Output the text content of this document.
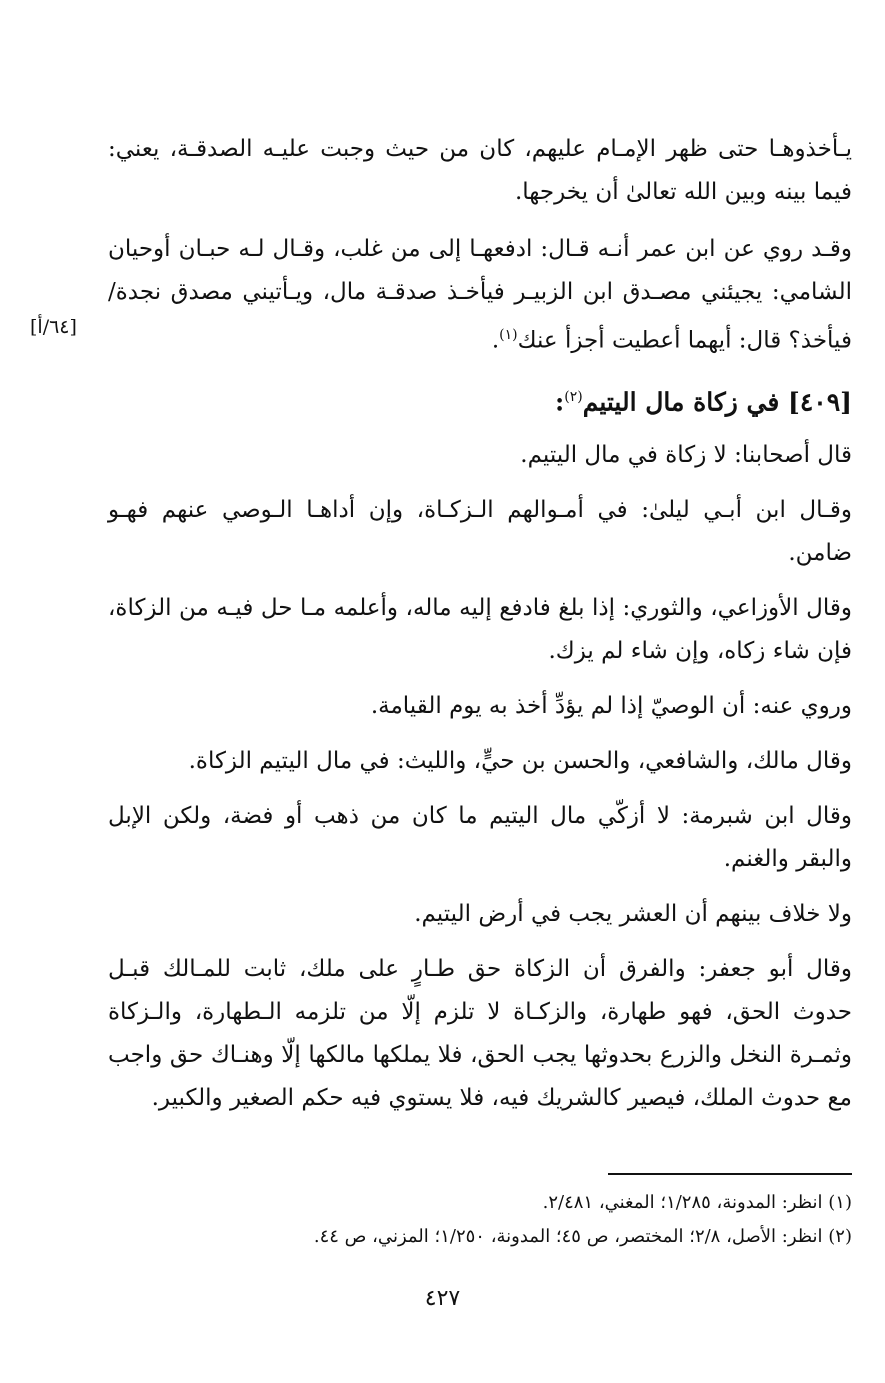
يـأخذوهـا حتى ظهر الإمـام عليهم، كان من حيث وجبت عليـه الصدقـة، يعني: فيما بينه وبين الله تعالىٰ أن يخرجها.

وقـد روي عن ابن عمر أنـه قـال: ادفعهـا إلى من غلب، وقـال لـه حبـان أوحيان الشامي: يجيئني مصـدق ابن الزبيـر فيأخـذ صدقـة مال، ويـأتيني مصدق نجدة/ فيأخذ؟ قال: أيهما أعطيت أجزأ عنك$^{(١)}$.

[٤٠٩] في زكاة مال اليتيم$^{(٢)}$:

قال أصحابنا: لا زكاة في مال اليتيم.

وقـال ابن أبـي ليلىٰ: في أمـوالهم الـزكـاة، وإن أداهـا الـوصي عنهم فهـو ضامن.

وقال الأوزاعي، والثوري: إذا بلغ فادفع إليه ماله، وأعلمه مـا حل فيـه من الزكاة، فإن شاء زكاه، وإن شاء لم يزك.

وروي عنه: أن الوصيّ إذا لم يؤدِّ أخذ به يوم القيامة.

وقال مالك، والشافعي، والحسن بن حيٍّ، والليث: في مال اليتيم الزكاة.

وقال ابن شبرمة: لا أزكّي مال اليتيم ما كان من ذهب أو فضة، ولكن الإبل والبقر والغنم.

ولا خلاف بينهم أن العشر يجب في أرض اليتيم.

وقال أبو جعفر: والفرق أن الزكاة حق طـارٍ على ملك، ثابت للمـالك قبـل حدوث الحق، فهو طهارة، والزكـاة لا تلزم إلّا من تلزمه الـطهارة، والـزكاة وثمـرة النخل والزرع بحدوثها يجب الحق، فلا يملكها مالكها إلّا وهنـاك حق واجب مع حدوث الملك، فيصير كالشريك فيه، فلا يستوي فيه حكم الصغير والكبير.

[٦٤/أ]

(١) انظر: المدونة، ١/٢٨٥؛ المغني، ٢/٤٨١.

(٢) انظر: الأصل، ٢/٨؛ المختصر، ص ٤٥؛ المدونة، ١/٢٥٠؛ المزني، ص ٤٤.

٤٢٧
